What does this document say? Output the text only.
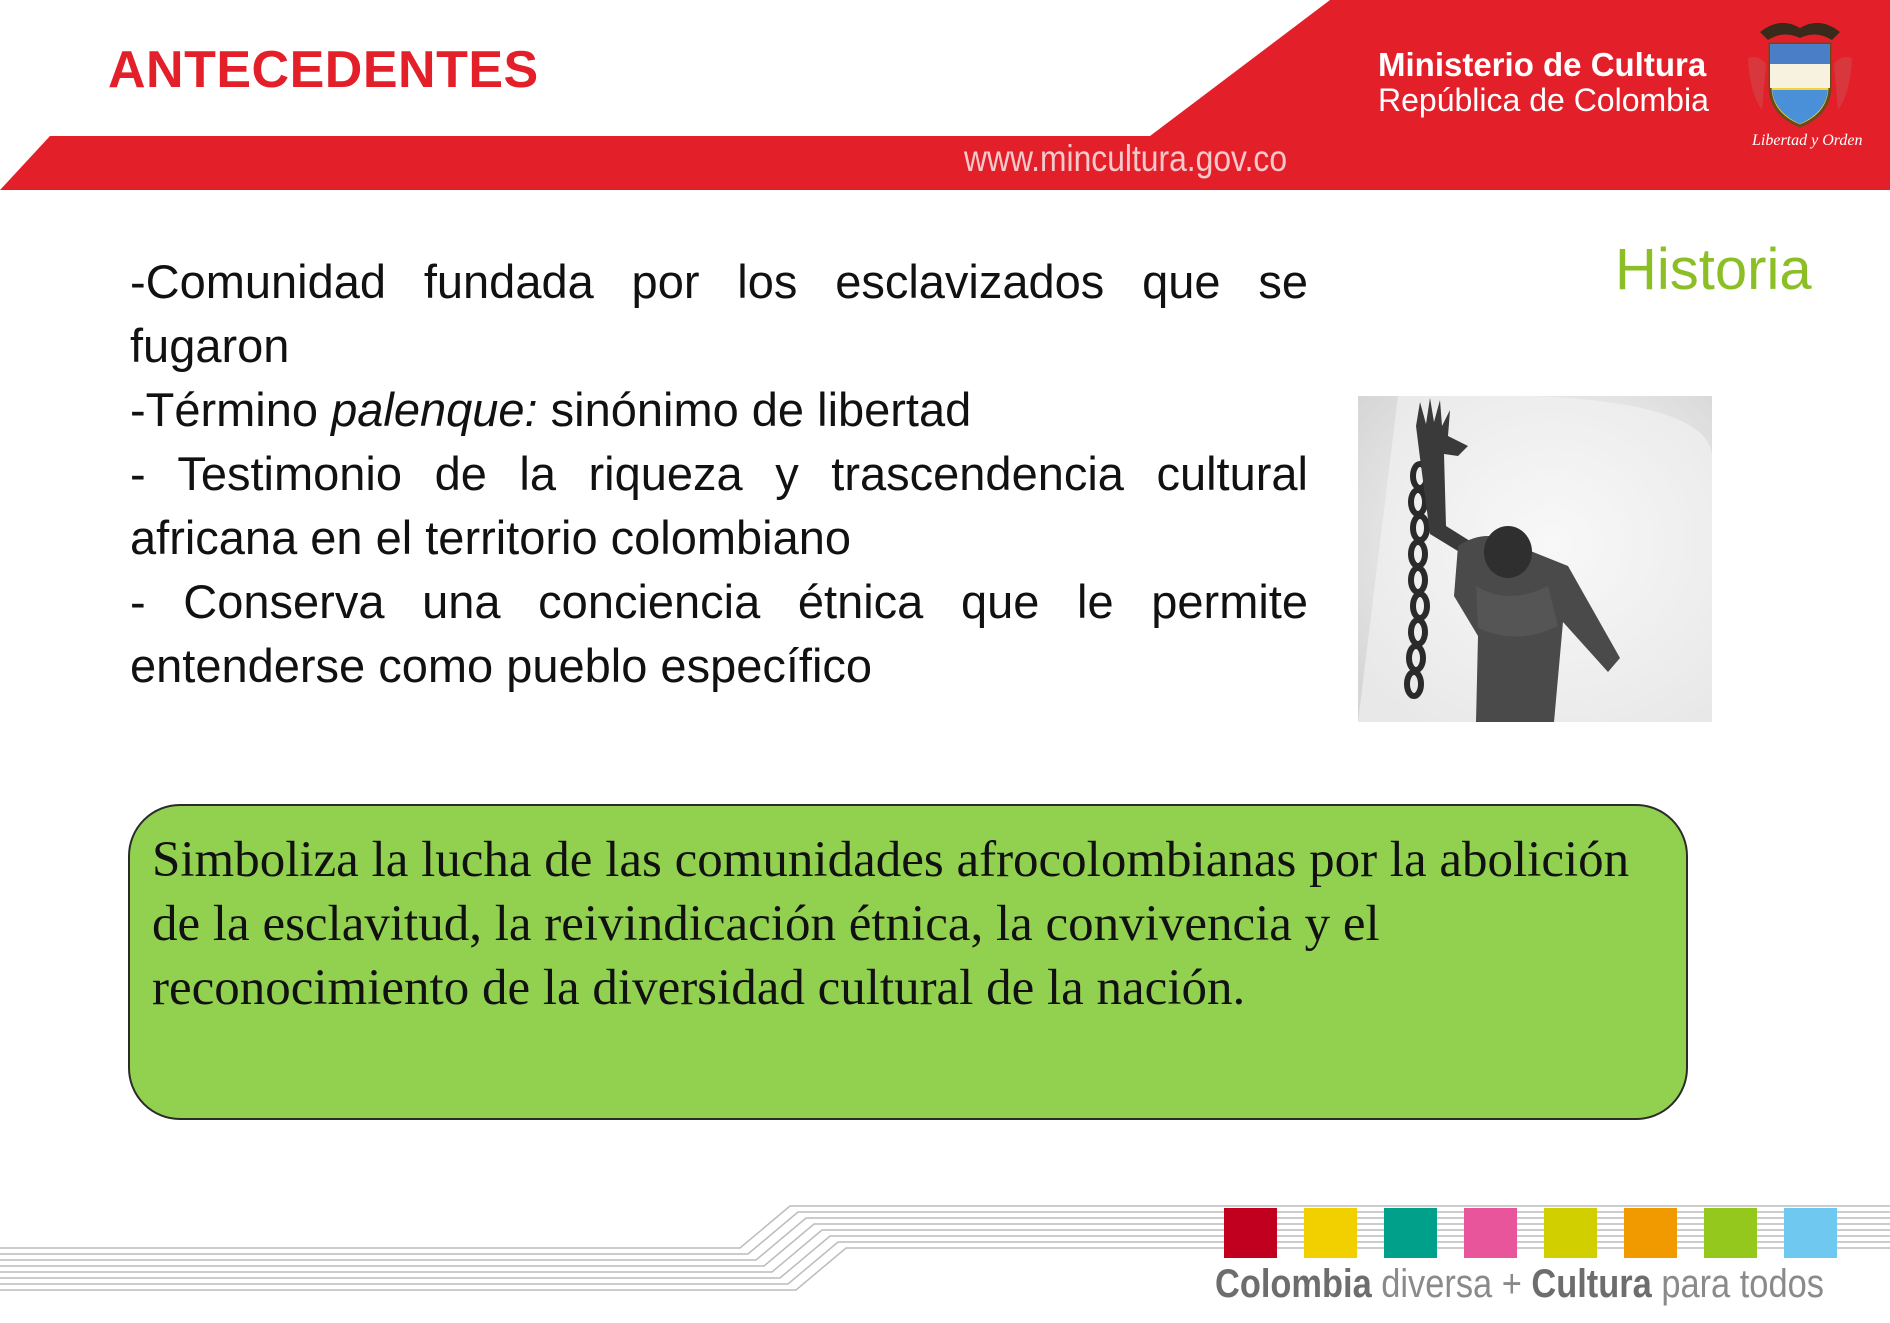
ANTECEDENTES
www.mincultura.gov.co
Ministerio de Cultura
República de Colombia
Libertad y Orden
Historia

-Comunidad fundada por los esclavizados que se fugaron

-Término palenque: sinónimo de libertad

- Testimonio de la riqueza y trascendencia cultural africana en el territorio colombiano

- Conserva una conciencia étnica que le permite entenderse como pueblo específico

Simboliza la lucha de las comunidades afrocolombianas por la abolición de la esclavitud, la reivindicación étnica, la convivencia y el reconocimiento de la diversidad cultural de la nación.
Colombia diversa + Cultura para todos
